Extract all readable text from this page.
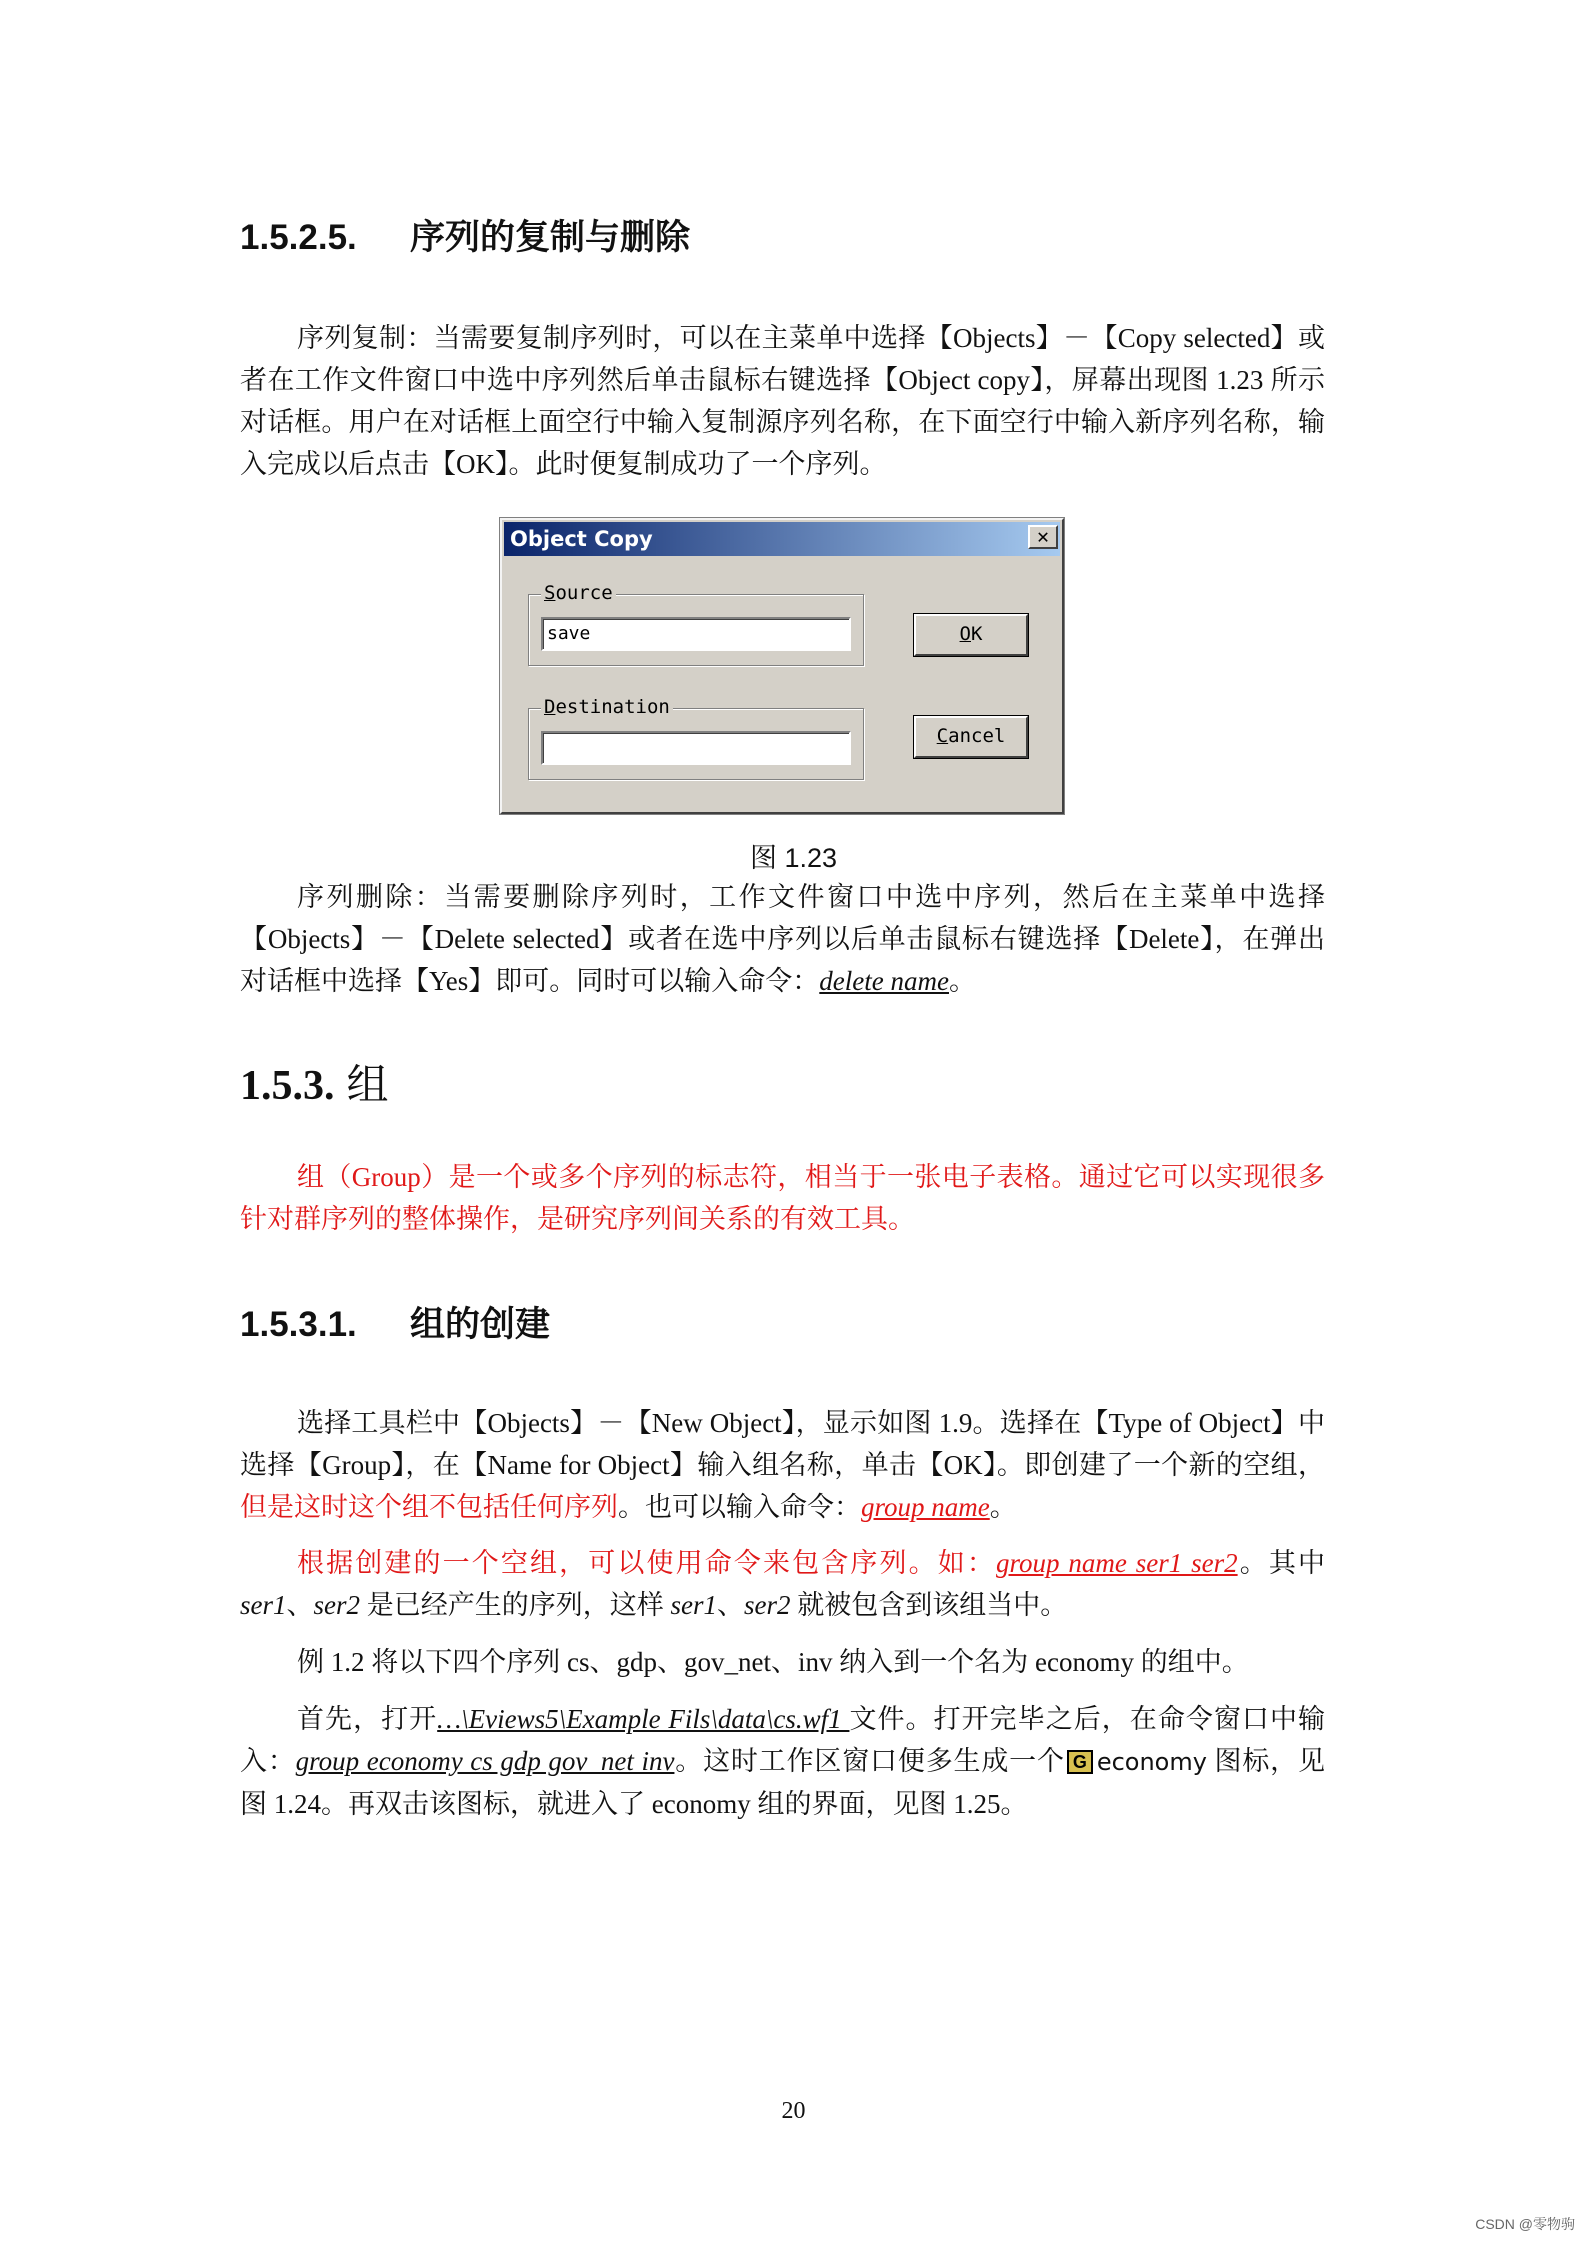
1.5.2.5. 序列的复制与删除

序列复制：当需要复制序列时，可以在主菜单中选择【Objects】－【Copy selected】或者在工作文件窗口中选中序列然后单击鼠标右键选择【Object copy】，屏幕出现图 1.23 所示对话框。用户在对话框上面空行中输入复制源序列名称，在下面空行中输入新序列名称，输入完成以后点击【OK】。此时便复制成功了一个序列。

Object Copy	✕
Source
save
Destination
OK
Cancel

图 1.23

序列删除：当需要删除序列时，工作文件窗口中选中序列，然后在主菜单中选择【Objects】－【Delete selected】或者在选中序列以后单击鼠标右键选择【Delete】，在弹出对话框中选择【Yes】即可。同时可以输入命令：delete name。

1.5.3. 组

组（Group）是一个或多个序列的标志符，相当于一张电子表格。通过它可以实现很多针对群序列的整体操作，是研究序列间关系的有效工具。

1.5.3.1. 组的创建

选择工具栏中【Objects】－【New Object】，显示如图 1.9。选择在【Type of Object】中选择【Group】，在【Name for Object】输入组名称，单击【OK】。即创建了一个新的空组，但是这时这个组不包括任何序列。也可以输入命令：group name。

根据创建的一个空组，可以使用命令来包含序列。如：group name ser1 ser2。其中ser1、ser2 是已经产生的序列，这样 ser1、ser2 就被包含到该组当中。

例 1.2 将以下四个序列 cs、gdp、gov_net、inv 纳入到一个名为 economy 的组中。

首先，打开…\Eviews5\Example Fils\data\cs.wf1 文件。打开完毕之后，在命令窗口中输入：group economy cs gdp gov_net inv。这时工作区窗口便多生成一个 G economy 图标，见图 1.24。再双击该图标，就进入了 economy 组的界面，见图 1.25。

20

CSDN @零物驹
